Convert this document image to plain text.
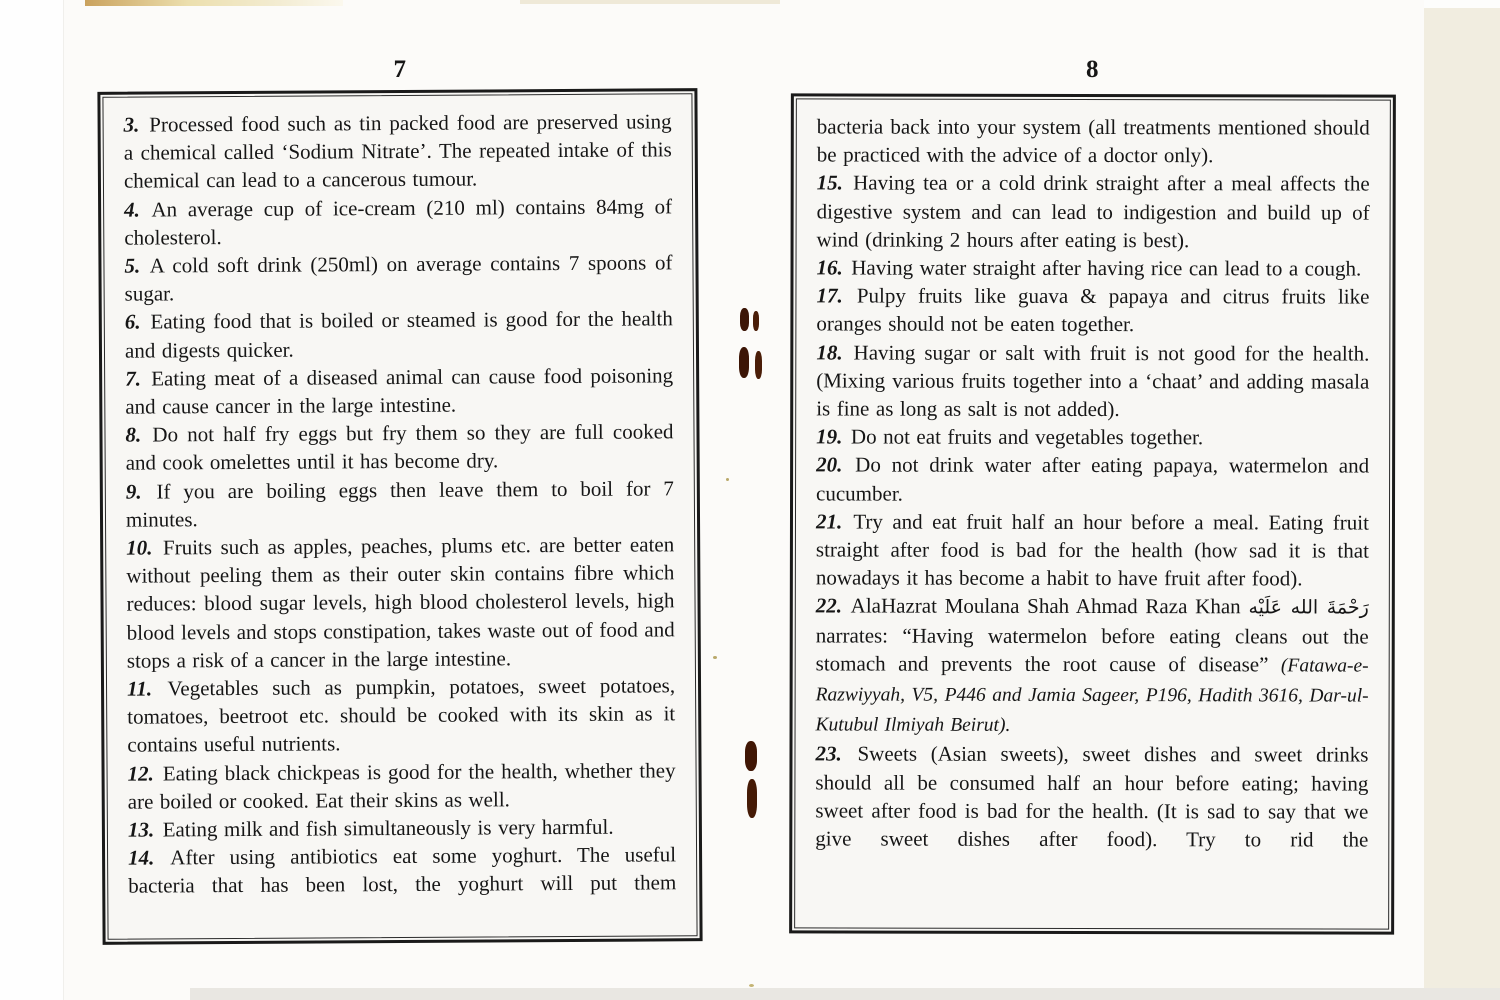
7	8

3. Processed food such as tin packed food are preserved using a chemical called ‘Sodium Nitrate’. The repeated intake of this chemical can lead to a cancerous tumour.

4. An average cup of ice-cream (210 ml) contains 84mg of cholesterol.

5. A cold soft drink (250ml) on average contains 7 spoons of sugar.

6. Eating food that is boiled or steamed is good for the health and digests quicker.

7. Eating meat of a diseased animal can cause food poisoning and cause cancer in the large intestine.

8. Do not half fry eggs but fry them so they are full cooked and cook omelettes until it has become dry.

9. If you are boiling eggs then leave them to boil for 7 minutes.

10. Fruits such as apples, peaches, plums etc. are better eaten without peeling them as their outer skin contains fibre which reduces: blood sugar levels, high blood cholesterol levels, high blood levels and stops constipation, takes waste out of food and stops a risk of a cancer in the large intestine.

11. Vegetables such as pumpkin, potatoes, sweet potatoes, tomatoes, beetroot etc. should be cooked with its skin as it contains useful nutrients.

12. Eating black chickpeas is good for the health, whether they are boiled or cooked. Eat their skins as well.

13. Eating milk and fish simultaneously is very harmful.

14. After using antibiotics eat some yoghurt. The useful bacteria that has been lost, the yoghurt will put them

bacteria back into your system (all treatments mentioned should be practiced with the advice of a doctor only).

15. Having tea or a cold drink straight after a meal affects the digestive system and can lead to indigestion and build up of wind (drinking 2 hours after eating is best).

16. Having water straight after having rice can lead to a cough.

17. Pulpy fruits like guava & papaya and citrus fruits like oranges should not be eaten together.

18. Having sugar or salt with fruit is not good for the health. (Mixing various fruits together into a ‘chaat’ and adding masala is fine as long as salt is not added).

19. Do not eat fruits and vegetables together.

20. Do not drink water after eating papaya, watermelon and cucumber.

21. Try and eat fruit half an hour before a meal. Eating fruit straight after food is bad for the health (how sad it is that nowadays it has become a habit to have fruit after food).

22. AlaHazrat Moulana Shah Ahmad Raza Khan رَحْمَةَ الله عَلَيْه narrates: “Having watermelon before eating cleans out the stomach and prevents the root cause of disease” (Fatawa-e-Razwiyyah, V5, P446 and Jamia Sageer, P196, Hadith 3616, Dar-ul-Kutubul Ilmiyah Beirut).

23. Sweets (Asian sweets), sweet dishes and sweet drinks should all be consumed half an hour before eating; having sweet after food is bad for the health. (It is sad to say that we give sweet dishes after food). Try to rid the
